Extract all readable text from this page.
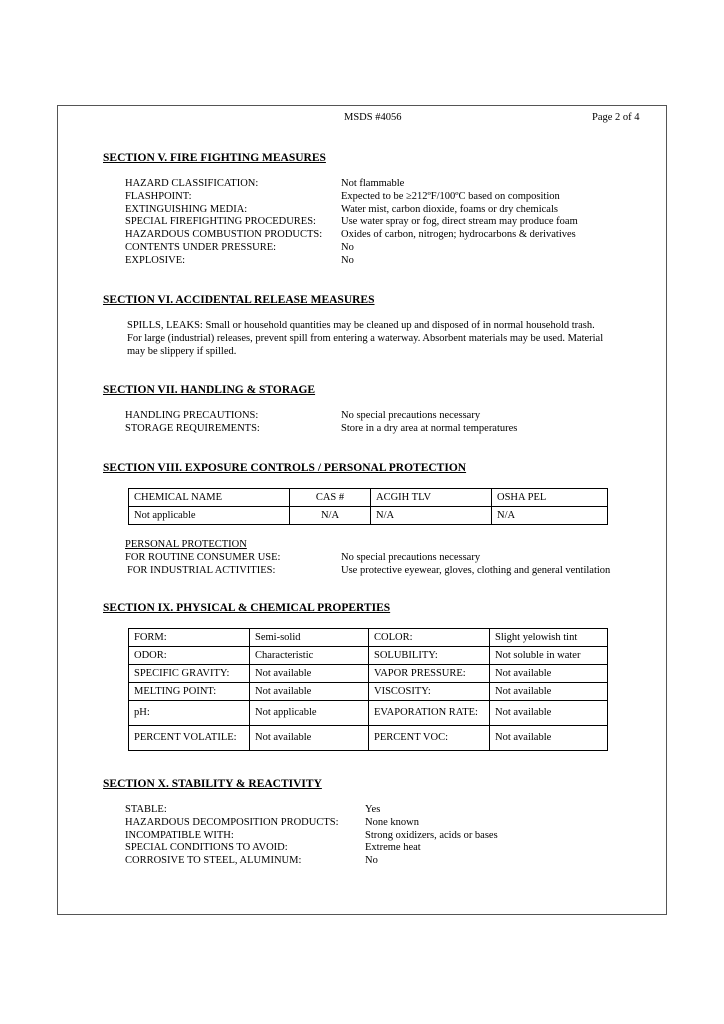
MSDS #4056	Page 2 of 4
SECTION V. FIRE FIGHTING MEASURES
HAZARD CLASSIFICATION:	Not flammable
FLASHPOINT:	Expected to be ≥212ºF/100ºC based on composition
EXTINGUISHING MEDIA:	Water mist, carbon dioxide, foams or dry chemicals
SPECIAL FIREFIGHTING PROCEDURES:	Use water spray or fog, direct stream may produce foam
HAZARDOUS COMBUSTION PRODUCTS:	Oxides of carbon, nitrogen; hydrocarbons & derivatives
CONTENTS UNDER PRESSURE:	No
EXPLOSIVE:	No
SECTION VI. ACCIDENTAL RELEASE MEASURES
SPILLS, LEAKS: Small or household quantities may be cleaned up and disposed of in normal household trash.
For large (industrial) releases, prevent spill from entering a waterway. Absorbent materials may be used. Material
may be slippery if spilled.
SECTION VII. HANDLING & STORAGE
HANDLING PRECAUTIONS:	No special precautions necessary
STORAGE REQUIREMENTS:	Store in a dry area at normal temperatures
SECTION VIII. EXPOSURE CONTROLS / PERSONAL PROTECTION
CHEMICAL NAME	CAS #	ACGIH TLV	OSHA PEL
Not applicable	N/A	N/A	N/A
PERSONAL PROTECTION
FOR ROUTINE CONSUMER USE:	No special precautions necessary
FOR INDUSTRIAL ACTIVITIES:	Use protective eyewear, gloves, clothing and general ventilation
SECTION IX. PHYSICAL & CHEMICAL PROPERTIES
FORM:	Semi-solid	COLOR:	Slight yelowish tint
ODOR:	Characteristic	SOLUBILITY:	Not soluble in water
SPECIFIC GRAVITY:	Not available	VAPOR PRESSURE:	Not available
MELTING POINT:	Not available	VISCOSITY:	Not available
pH:	Not applicable	EVAPORATION RATE:	Not available
PERCENT VOLATILE:	Not available	PERCENT VOC:	Not available
SECTION X. STABILITY & REACTIVITY
STABLE:	Yes
HAZARDOUS DECOMPOSITION PRODUCTS:	None known
INCOMPATIBLE WITH:	Strong oxidizers, acids or bases
SPECIAL CONDITIONS TO AVOID:	Extreme heat
CORROSIVE TO STEEL, ALUMINUM:	No
